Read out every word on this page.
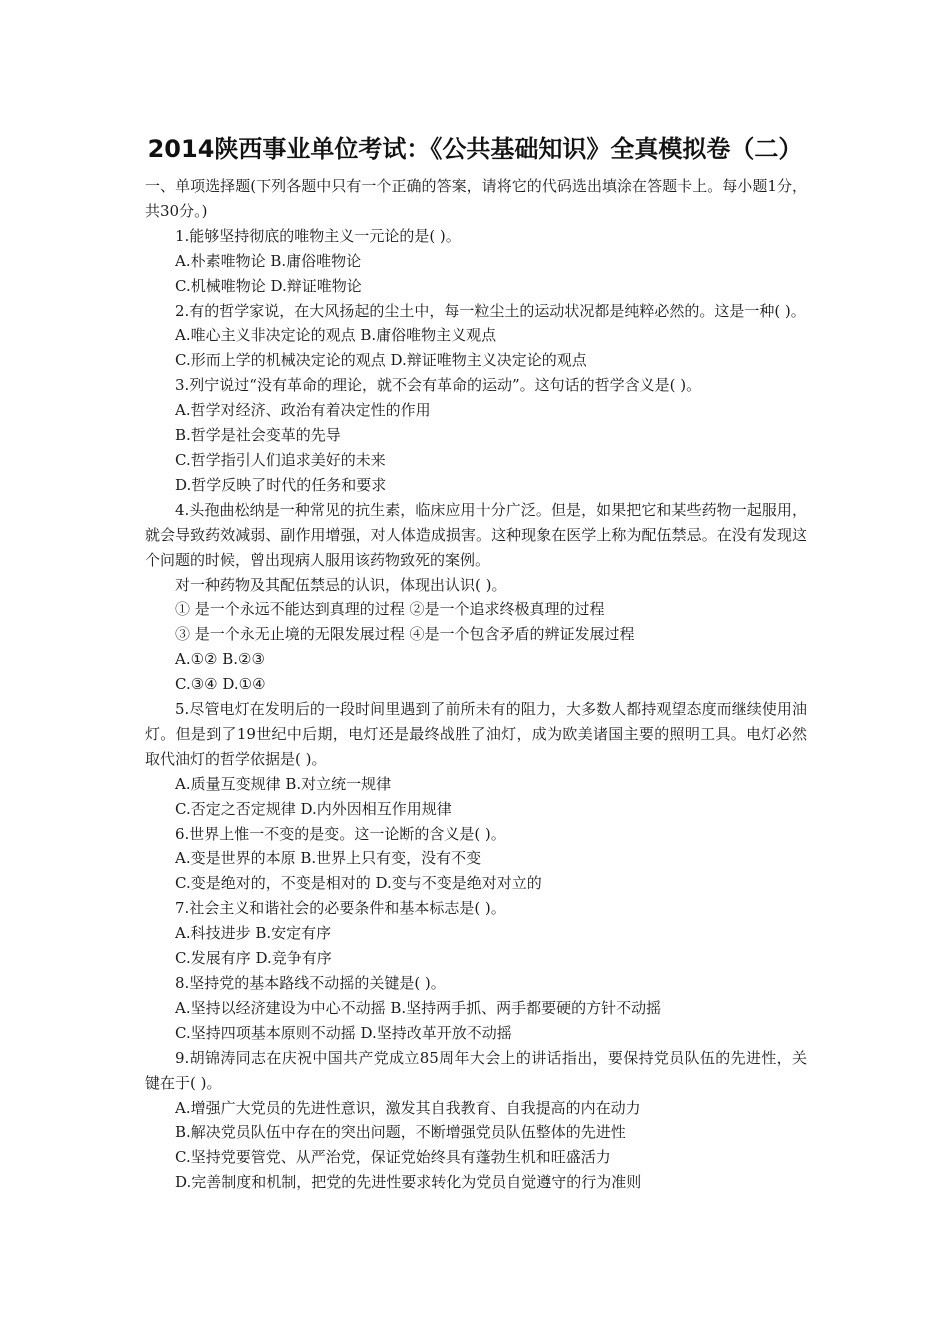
2014陕西事业单位考试：《公共基础知识》全真模拟卷（二）

一、单项选择题(下列各题中只有一个正确的答案，请将它的代码选出填涂在答题卡上。每小题1分，共30分。)

1.能够坚持彻底的唯物主义一元论的是( )。

A.朴素唯物论 B.庸俗唯物论

C.机械唯物论 D.辩证唯物论

2.有的哲学家说，在大风扬起的尘土中，每一粒尘土的运动状况都是纯粹必然的。这是一种( )。

A.唯心主义非决定论的观点 B.庸俗唯物主义观点

C.形而上学的机械决定论的观点 D.辩证唯物主义决定论的观点

3.列宁说过“没有革命的理论，就不会有革命的运动”。这句话的哲学含义是( )。

A.哲学对经济、政治有着决定性的作用

B.哲学是社会变革的先导

C.哲学指引人们追求美好的未来

D.哲学反映了时代的任务和要求

4.头孢曲松纳是一种常见的抗生素，临床应用十分广泛。但是，如果把它和某些药物一起服用，就会导致药效减弱、副作用增强，对人体造成损害。这种现象在医学上称为配伍禁忌。在没有发现这个问题的时候，曾出现病人服用该药物致死的案例。

对一种药物及其配伍禁忌的认识，体现出认识( )。

① 是一个永远不能达到真理的过程 ②是一个追求终极真理的过程

③ 是一个永无止境的无限发展过程 ④是一个包含矛盾的辨证发展过程

A.①② B.②③

C.③④ D.①④

5.尽管电灯在发明后的一段时间里遇到了前所未有的阻力，大多数人都持观望态度而继续使用油灯。但是到了19世纪中后期，电灯还是最终战胜了油灯，成为欧美诸国主要的照明工具。电灯必然取代油灯的哲学依据是( )。

A.质量互变规律 B.对立统一规律

C.否定之否定规律 D.内外因相互作用规律

6.世界上惟一不变的是变。这一论断的含义是( )。

A.变是世界的本原 B.世界上只有变，没有不变

C.变是绝对的，不变是相对的 D.变与不变是绝对对立的

7.社会主义和谐社会的必要条件和基本标志是( )。

A.科技进步 B.安定有序

C.发展有序 D.竞争有序

8.坚持党的基本路线不动摇的关键是( )。

A.坚持以经济建设为中心不动摇 B.坚持两手抓、两手都要硬的方针不动摇

C.坚持四项基本原则不动摇 D.坚持改革开放不动摇

9.胡锦涛同志在庆祝中国共产党成立85周年大会上的讲话指出，要保持党员队伍的先进性，关键在于( )。

A.增强广大党员的先进性意识，激发其自我教育、自我提高的内在动力

B.解决党员队伍中存在的突出问题，不断增强党员队伍整体的先进性

C.坚持党要管党、从严治党，保证党始终具有蓬勃生机和旺盛活力

D.完善制度和机制，把党的先进性要求转化为党员自觉遵守的行为准则
